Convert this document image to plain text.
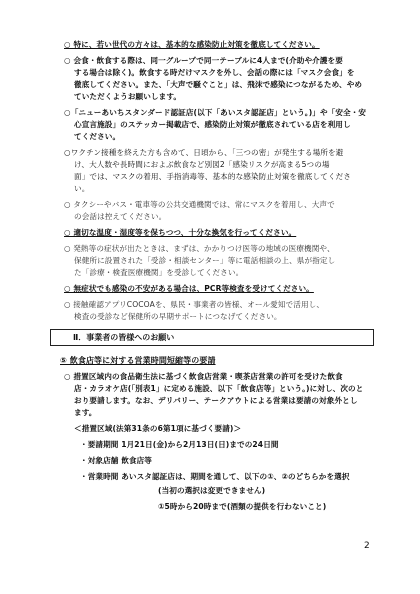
○ 特に、若い世代の方々は、基本的な感染防止対策を徹底してください。
○ 会食・飲食する際は、同一グループで同一テーブルに4人まで(介助や介護を要
する場合は除く)。飲食する時だけマスクを外し、会話の際には「マスク会食」を
徹底してください。また、「大声で騒ぐこと」は、飛沫で感染につながるため、やめ
ていただくようお願いします。
○「ニューあいちスタンダード認証店(以下「あいスタ認証店」という。)」や「安全・安
心宣言施設」のステッカー掲載店で、感染防止対策が徹底されている店を利用し
てください。
○ワクチン接種を終えた方も含めて、日頃から、「三つの密」が発生する場所を避
け、大人数や長時間におよぶ飲食など別図2「感染リスクが高まる5つの場
面」では、マスクの着用、手指消毒等、基本的な感染防止対策を徹底してくださ
い。
○ タクシーやバス・電車等の公共交通機関では、常にマスクを着用し、大声で
の会話は控えてください。
○ 適切な温度・湿度等を保ちつつ、十分な換気を行ってください。
○ 発熱等の症状が出たときは、まずは、かかりつけ医等の地域の医療機関や、
保健所に設置された「受診・相談センター」等に電話相談の上、県が指定し
た「診療・検査医療機関」を受診してください。
○ 無症状でも感染の不安がある場合は、PCR等検査を受けてください。
○ 接触確認アプリCOCOAを、県民・事業者の皆様、オール愛知で活用し、
検査の受診など保健所の早期サポートにつなげてください。
Ⅱ．事業者の皆様へのお願い
⑤ 飲食店等に対する営業時間短縮等の要請
○ 措置区域内の食品衛生法に基づく飲食店営業・喫茶店営業の許可を受けた飲食
店・カラオケ店(「別表1」に定める施設、以下「飲食店等」という。)に対し、次のと
おり要請します。なお、デリバリー、テークアウトによる営業は要請の対象外とし
ます。
＜措置区域(法第31条の6第1項に基づく要請)＞
・要請期間 1月21日(金)から2月13日(日)までの24日間
・対象店舗 飲食店等
・営業時間 あいスタ認証店は、期間を通して、以下の①、②のどちらかを選択
(当初の選択は変更できません)
①5時から20時まで(酒類の提供を行わないこと)
2
